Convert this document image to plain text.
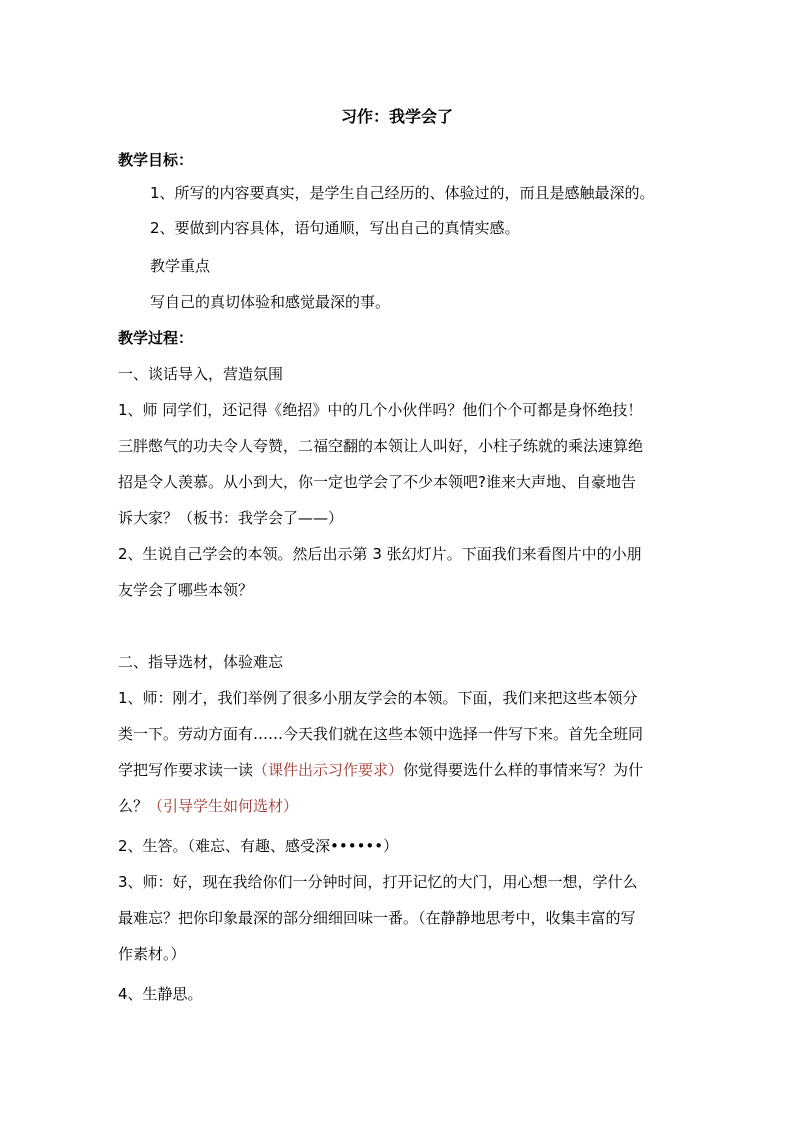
习作：我学会了
教学目标：
1、所写的内容要真实，是学生自己经历的、体验过的，而且是感触最深的。
2、要做到内容具体，语句通顺，写出自己的真情实感。
教学重点
写自己的真切体验和感觉最深的事。
教学过程：
一、谈话导入，营造氛围
1、师 同学们，还记得《绝招》中的几个小伙伴吗？他们个个可都是身怀绝技！
三胖憋气的功夫令人夸赞，二福空翻的本领让人叫好，小柱子练就的乘法速算绝
招是令人羡慕。从小到大，你一定也学会了不少本领吧?谁来大声地、自豪地告
诉大家？（板书：我学会了——）
2、生说自己学会的本领。然后出示第 3 张幻灯片。下面我们来看图片中的小朋
友学会了哪些本领？
二、指导选材，体验难忘
1、师：刚才，我们举例了很多小朋友学会的本领。下面，我们来把这些本领分
类一下。劳动方面有……今天我们就在这些本领中选择一件写下来。首先全班同
学把写作要求读一读（课件出示习作要求）你觉得要选什么样的事情来写？为什
么？（引导学生如何选材）
2、生答。（难忘、有趣、感受深••••••）
3、师：好，现在我给你们一分钟时间，打开记忆的大门，用心想一想，学什么
最难忘？把你印象最深的部分细细回味一番。（在静静地思考中，收集丰富的写
作素材。）
4、生静思。
